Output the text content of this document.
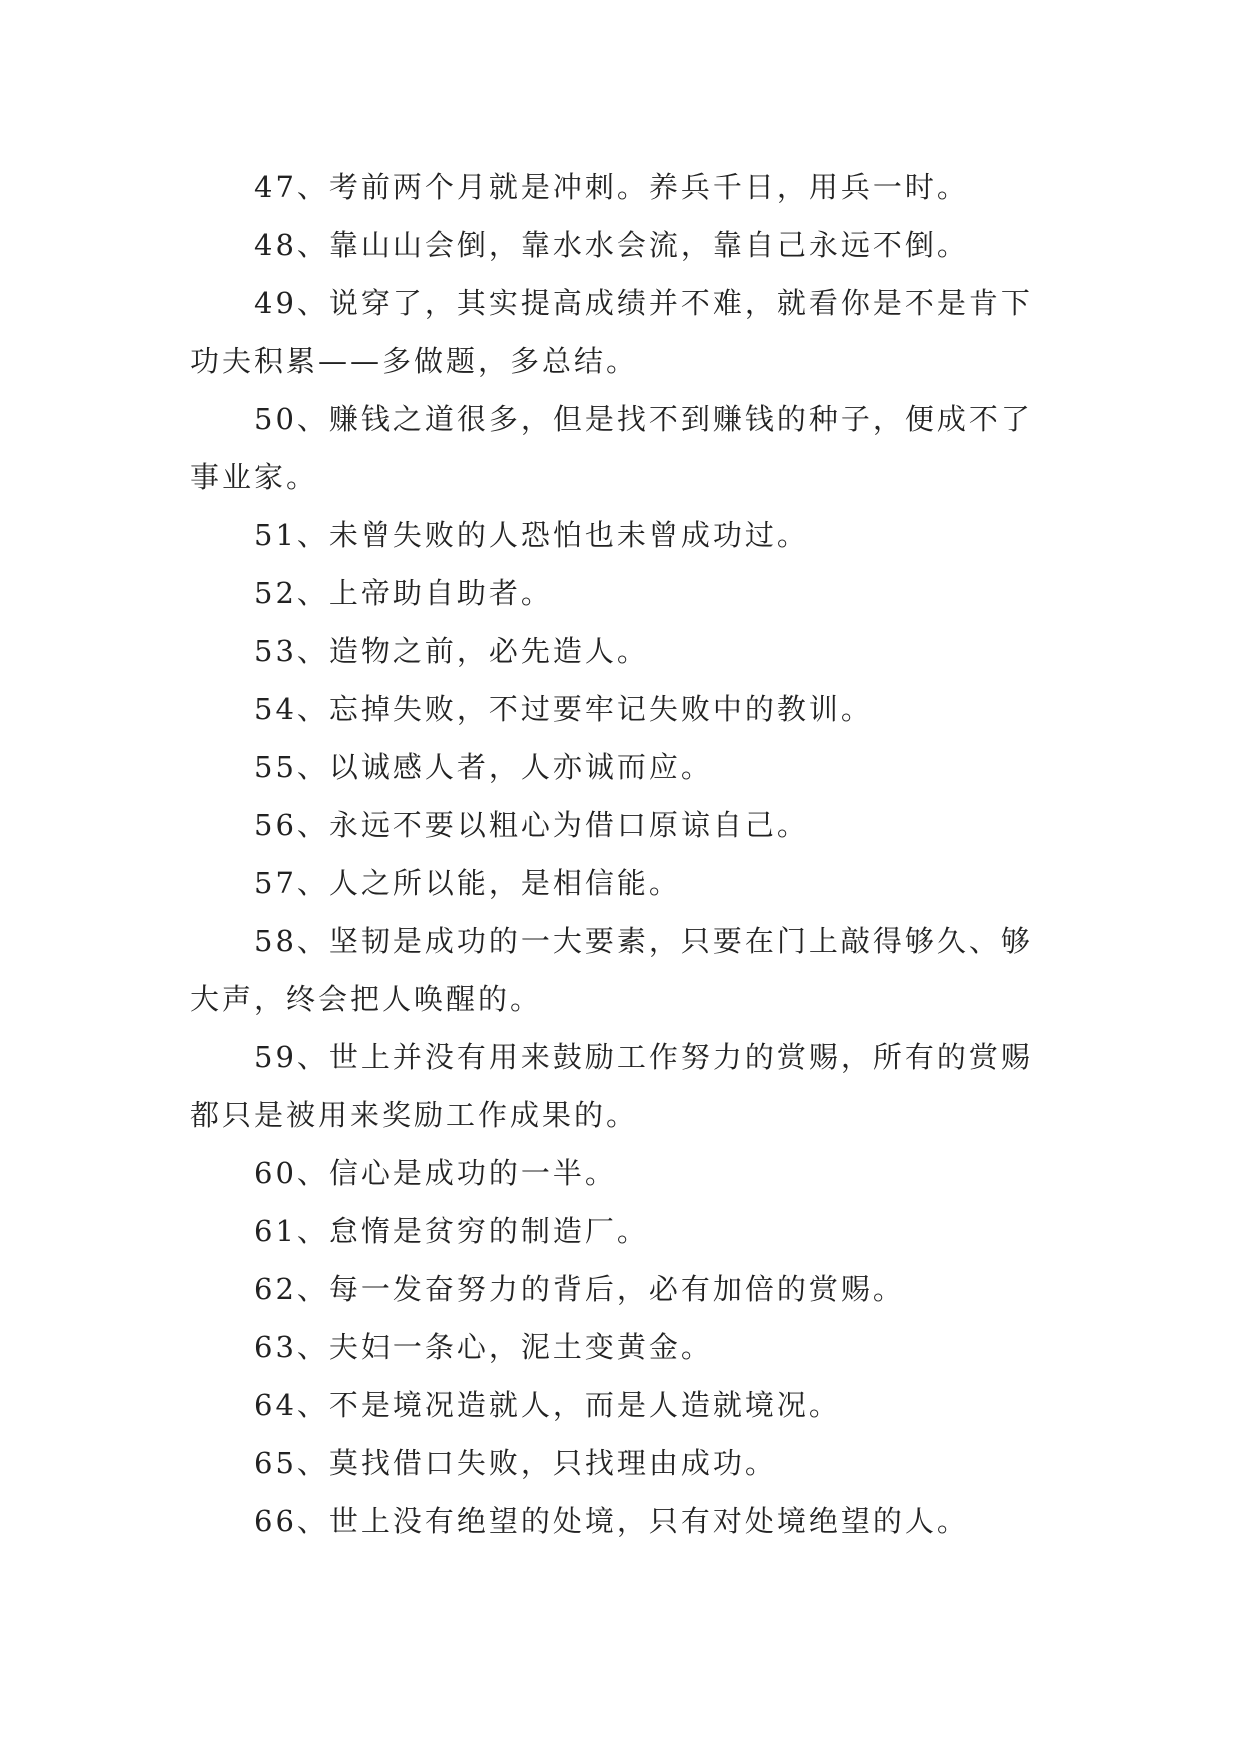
47、考前两个月就是冲刺。养兵千日，用兵一时。

48、靠山山会倒，靠水水会流，靠自己永远不倒。

49、说穿了，其实提高成绩并不难，就看你是不是肯下功夫积累——多做题，多总结。

50、赚钱之道很多，但是找不到赚钱的种子，便成不了事业家。

51、未曾失败的人恐怕也未曾成功过。

52、上帝助自助者。

53、造物之前，必先造人。

54、忘掉失败，不过要牢记失败中的教训。

55、以诚感人者，人亦诚而应。

56、永远不要以粗心为借口原谅自己。

57、人之所以能，是相信能。

58、坚韧是成功的一大要素，只要在门上敲得够久、够大声，终会把人唤醒的。

59、世上并没有用来鼓励工作努力的赏赐，所有的赏赐都只是被用来奖励工作成果的。

60、信心是成功的一半。

61、怠惰是贫穷的制造厂。

62、每一发奋努力的背后，必有加倍的赏赐。

63、夫妇一条心，泥土变黄金。

64、不是境况造就人，而是人造就境况。

65、莫找借口失败，只找理由成功。

66、世上没有绝望的处境，只有对处境绝望的人。
